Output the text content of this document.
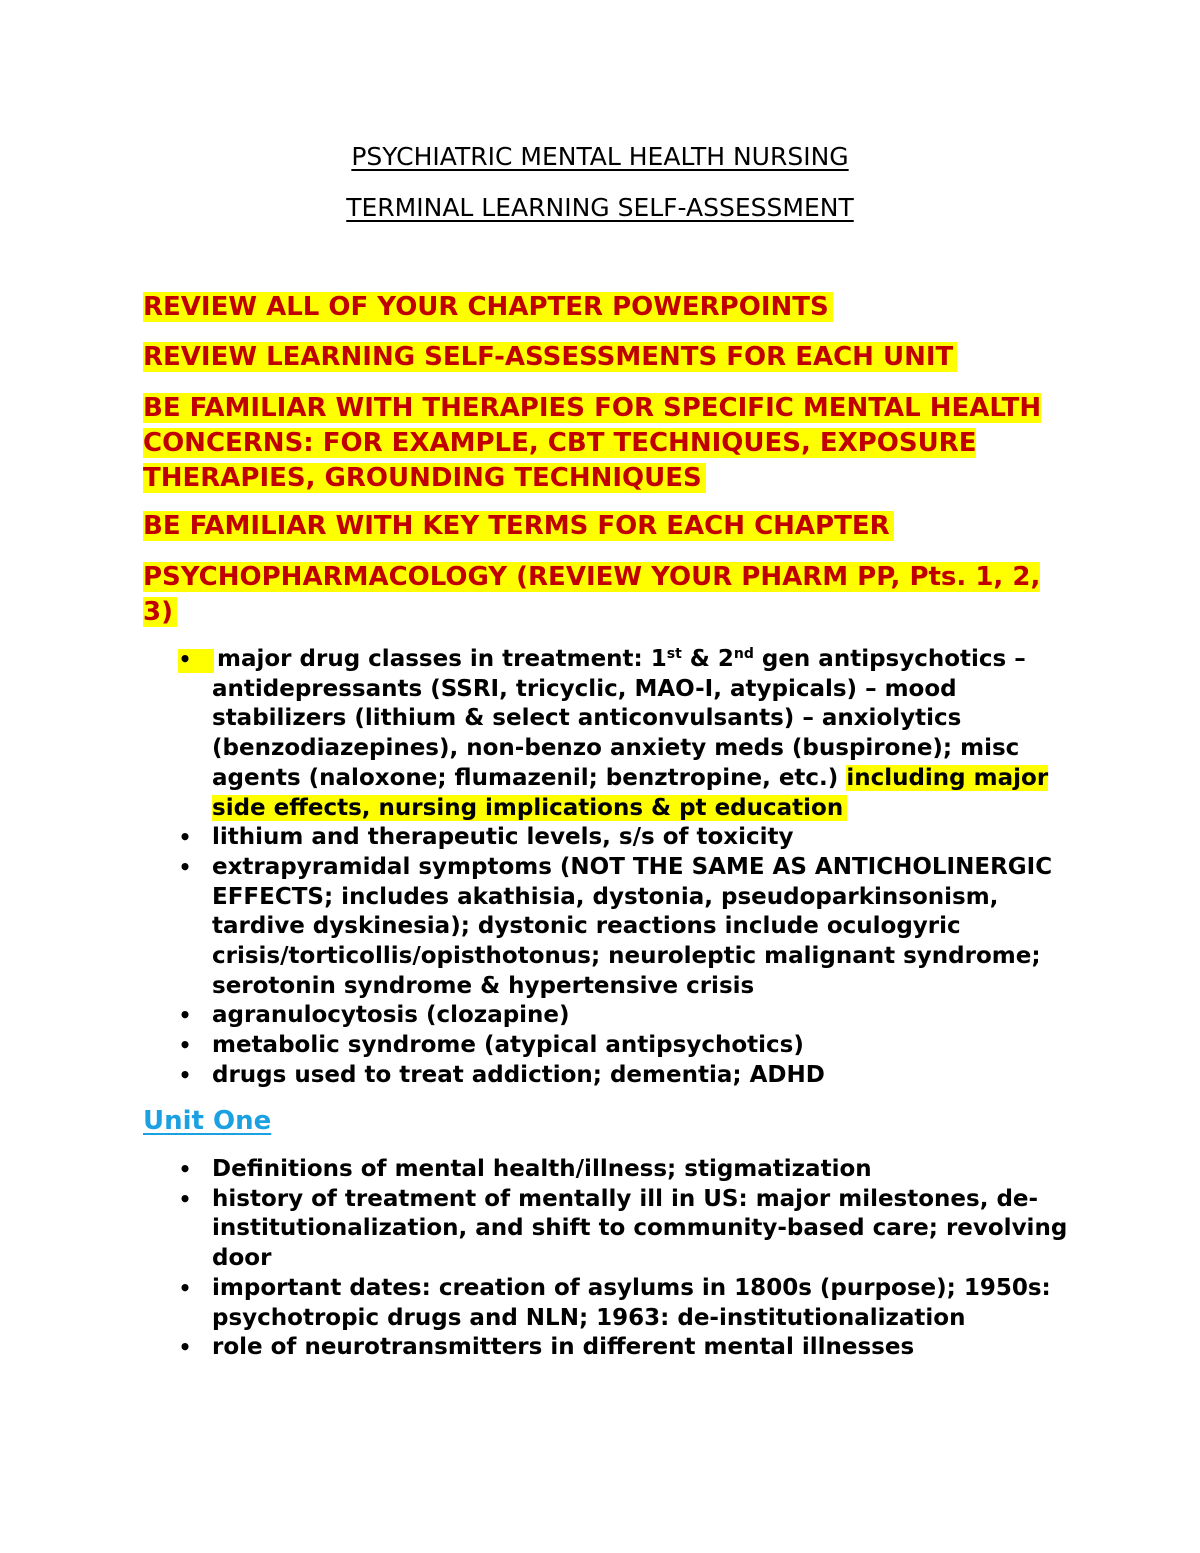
PSYCHIATRIC MENTAL HEALTH NURSING
TERMINAL LEARNING SELF-ASSESSMENT
REVIEW ALL OF YOUR CHAPTER POWERPOINTS
REVIEW LEARNING SELF-ASSESSMENTS FOR EACH UNIT
BE FAMILIAR WITH THERAPIES FOR SPECIFIC MENTAL HEALTH CONCERNS: FOR EXAMPLE, CBT TECHNIQUES, EXPOSURE THERAPIES, GROUNDING TECHNIQUES
BE FAMILIAR WITH KEY TERMS FOR EACH CHAPTER
PSYCHOPHARMACOLOGY (REVIEW YOUR PHARM PP, Pts. 1, 2, 3)
• major drug classes in treatment: 1st & 2nd gen antipsychotics – antidepressants (SSRI, tricyclic, MAO-I, atypicals) – mood stabilizers (lithium & select anticonvulsants) – anxiolytics (benzodiazepines), non-benzo anxiety meds (buspirone); misc agents (naloxone; flumazenil; benztropine, etc.) including major side effects, nursing implications & pt education
• lithium and therapeutic levels, s/s of toxicity
• extrapyramidal symptoms (NOT THE SAME AS ANTICHOLINERGIC EFFECTS; includes akathisia, dystonia, pseudoparkinsonism, tardive dyskinesia); dystonic reactions include oculogyric crisis/torticollis/opisthotonus; neuroleptic malignant syndrome; serotonin syndrome & hypertensive crisis
• agranulocytosis (clozapine)
• metabolic syndrome (atypical antipsychotics)
• drugs used to treat addiction; dementia; ADHD
Unit One
• Definitions of mental health/illness; stigmatization
• history of treatment of mentally ill in US: major milestones, de-institutionalization, and shift to community-based care; revolving door
• important dates: creation of asylums in 1800s (purpose); 1950s: psychotropic drugs and NLN; 1963: de-institutionalization
• role of neurotransmitters in different mental illnesses
